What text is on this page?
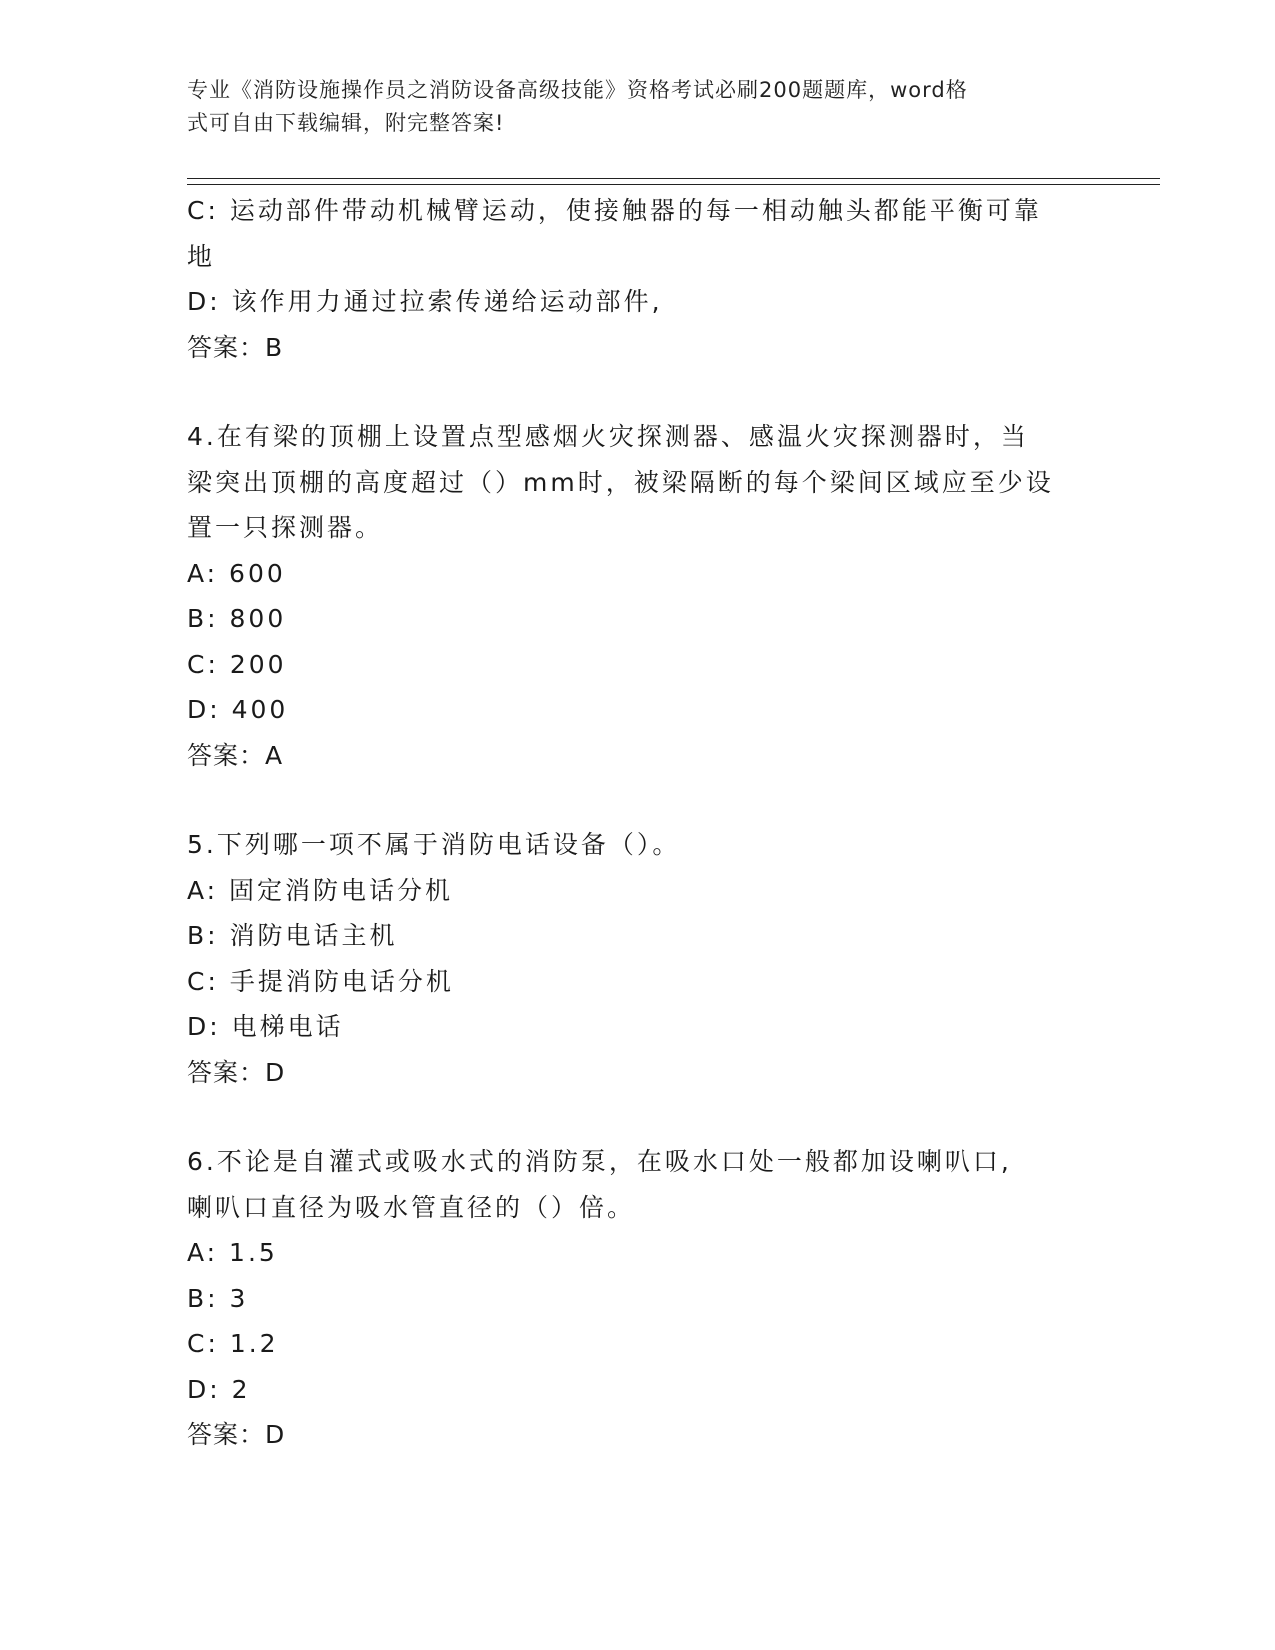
专业《消防设施操作员之消防设备高级技能》资格考试必刷200题题库，word格
式可自由下载编辑，附完整答案!

C: 运动部件带动机械臂运动，使接触器的每一相动触头都能平衡可靠

地

D: 该作用力通过拉索传递给运动部件,

答案：B

4.在有梁的顶棚上设置点型感烟火灾探测器、感温火灾探测器时，当

梁突出顶棚的高度超过（）mm时，被梁隔断的每个梁间区域应至少设

置一只探测器。

A: 600

B: 800

C: 200

D: 400

答案：A

5.下列哪一项不属于消防电话设备（）。

A: 固定消防电话分机

B: 消防电话主机

C: 手提消防电话分机

D: 电梯电话

答案：D

6.不论是自灌式或吸水式的消防泵，在吸水口处一般都加设喇叭口,

喇叭口直径为吸水管直径的（）倍。

A: 1.5

B: 3

C: 1.2

D: 2

答案：D
